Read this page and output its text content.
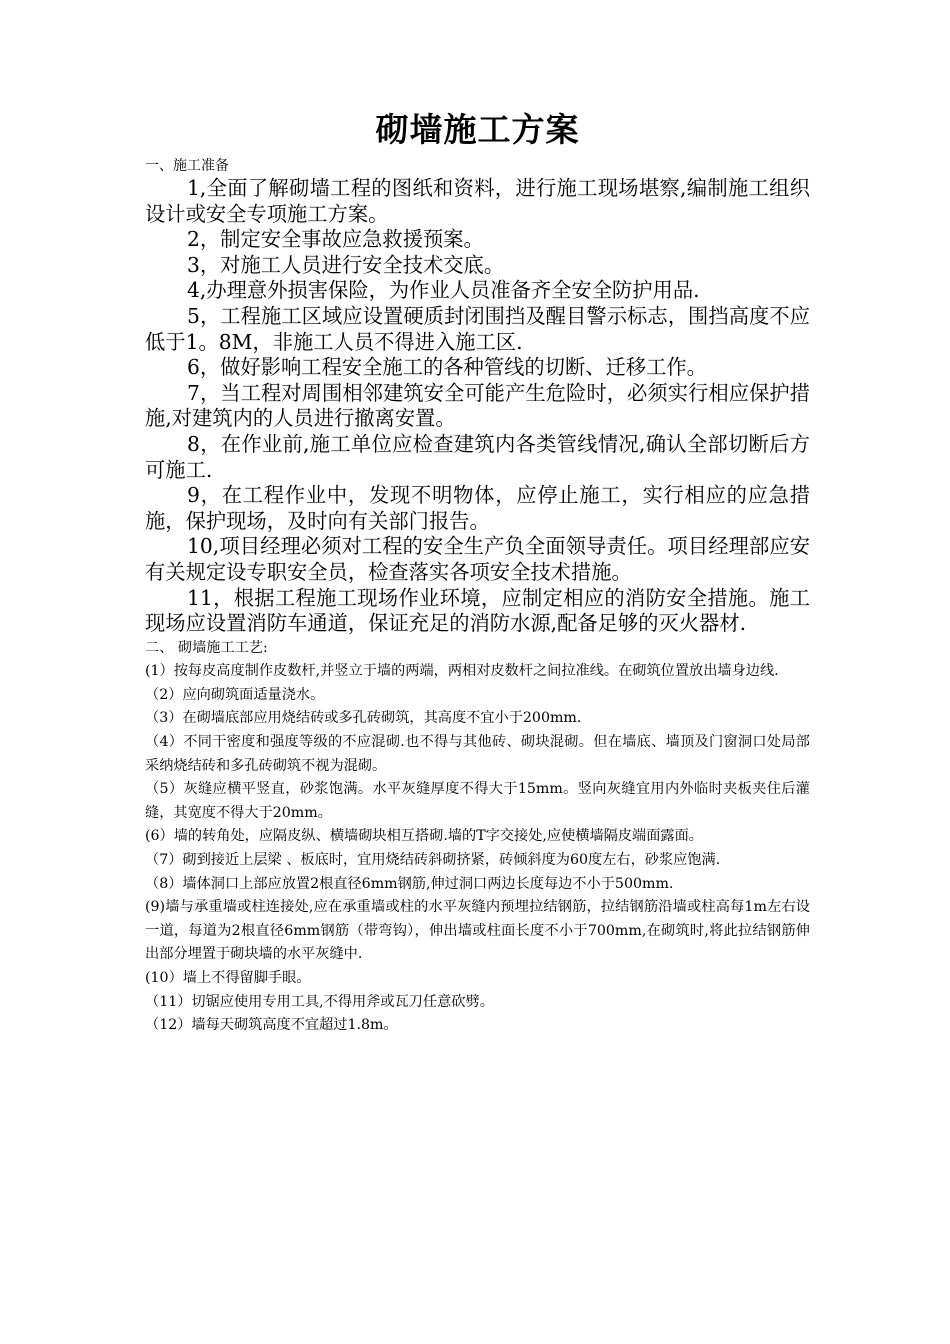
砌墙施工方案

一、施工准备

1,全面了解砌墙工程的图纸和资料，进行施工现场堪察,编制施工组织设计或安全专项施工方案。

2，制定安全事故应急救援预案。

3，对施工人员进行安全技术交底。

4,办理意外损害保险，为作业人员准备齐全安全防护用品.

5，工程施工区域应设置硬质封闭围挡及醒目警示标志，围挡高度不应低于1。8M，非施工人员不得进入施工区.

6，做好影响工程安全施工的各种管线的切断、迁移工作。

7，当工程对周围相邻建筑安全可能产生危险时，必须实行相应保护措施,对建筑内的人员进行撤离安置。

8，在作业前,施工单位应检查建筑内各类管线情况,确认全部切断后方可施工.

9，在工程作业中，发现不明物体，应停止施工，实行相应的应急措施，保护现场，及时向有关部门报告。

10,项目经理必须对工程的安全生产负全面领导责任。项目经理部应安有关规定设专职安全员，检查落实各项安全技术措施。

11，根据工程施工现场作业环境，应制定相应的消防安全措施。施工现场应设置消防车通道，保证充足的消防水源,配备足够的灭火器材.

二、 砌墙施工工艺:

(1）按每皮高度制作皮数杆,并竖立于墙的两端，两相对皮数杆之间拉准线。在砌筑位置放出墙身边线.

（2）应向砌筑面适量浇水。

（3）在砌墙底部应用烧结砖或多孔砖砌筑，其高度不宜小于200mm.

（4）不同干密度和强度等级的不应混砌.也不得与其他砖、砌块混砌。但在墙底、墙顶及门窗洞口处局部采纳烧结砖和多孔砖砌筑不视为混砌。

（5）灰缝应横平竖直，砂浆饱满。水平灰缝厚度不得大于15mm。竖向灰缝宜用内外临时夹板夹住后灌缝，其宽度不得大于20mm。

(6）墙的转角处，应隔皮纵、横墙砌块相互搭砌.墙的T字交接处,应使横墙隔皮端面露面。

（7）砌到接近上层梁 、板底时，宜用烧结砖斜砌挤紧，砖倾斜度为60度左右，砂浆应饱满.

（8）墙体洞口上部应放置2根直径6mm钢筋,伸过洞口两边长度每边不小于500mm.

(9)墙与承重墙或柱连接处,应在承重墙或柱的水平灰缝内预埋拉结钢筋，拉结钢筋沿墙或柱高每1m左右设一道，每道为2根直径6mm钢筋（带弯钩），伸出墙或柱面长度不小于700mm,在砌筑时,将此拉结钢筋伸出部分埋置于砌块墙的水平灰缝中.

(10）墙上不得留脚手眼。

（11）切锯应使用专用工具,不得用斧或瓦刀任意砍劈。

（12）墙每天砌筑高度不宜超过1.8m。
